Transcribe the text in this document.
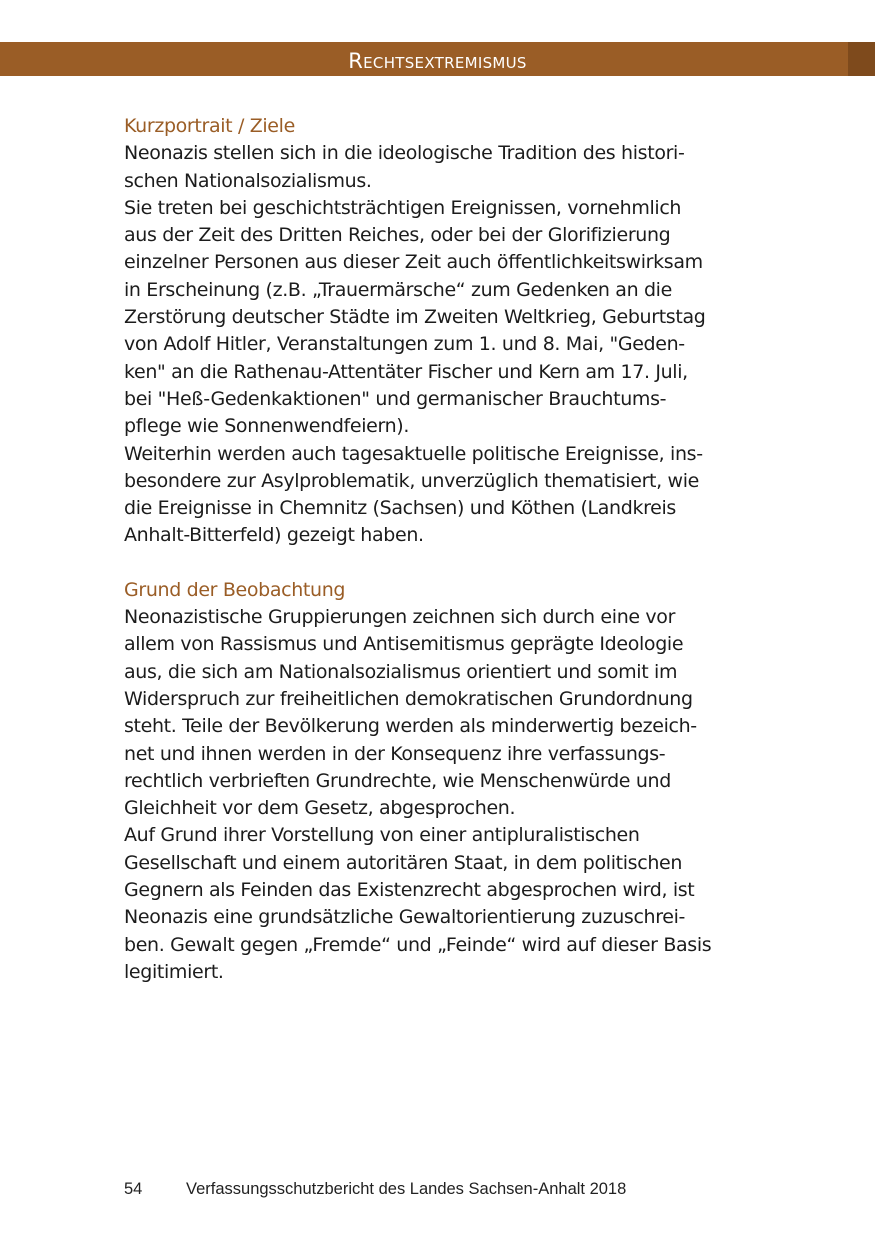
Rechtsextremismus
Kurzportrait / Ziele

Neonazis stellen sich in die ideologische Tradition des histori-
schen Nationalsozialismus.
Sie treten bei geschichtsträchtigen Ereignissen, vornehmlich
aus der Zeit des Dritten Reiches, oder bei der Glorifizierung
einzelner Personen aus dieser Zeit auch öffentlichkeitswirksam
in Erscheinung (z.B. „Trauermärsche“ zum Gedenken an die
Zerstörung deutscher Städte im Zweiten Weltkrieg, Geburtstag
von Adolf Hitler, Veranstaltungen zum 1. und 8. Mai, "Geden-
ken" an die Rathenau-Attentäter Fischer und Kern am 17. Juli,
bei "Heß-Gedenkaktionen" und germanischer Brauchtums-
pflege wie Sonnenwendfeiern).
Weiterhin werden auch tagesaktuelle politische Ereignisse, ins-
besondere zur Asylproblematik, unverzüglich thematisiert, wie
die Ereignisse in Chemnitz (Sachsen) und Köthen (Landkreis
Anhalt-Bitterfeld) gezeigt haben.

Grund der Beobachtung

Neonazistische Gruppierungen zeichnen sich durch eine vor
allem von Rassismus und Antisemitismus geprägte Ideologie
aus, die sich am Nationalsozialismus orientiert und somit im
Widerspruch zur freiheitlichen demokratischen Grundordnung
steht. Teile der Bevölkerung werden als minderwertig bezeich-
net und ihnen werden in der Konsequenz ihre verfassungs-
rechtlich verbrieften Grundrechte, wie Menschenwürde und
Gleichheit vor dem Gesetz, abgesprochen.
Auf Grund ihrer Vorstellung von einer antipluralistischen
Gesellschaft und einem autoritären Staat, in dem politischen
Gegnern als Feinden das Existenzrecht abgesprochen wird, ist
Neonazis eine grundsätzliche Gewaltorientierung zuzuschrei-
ben. Gewalt gegen „Fremde“ und „Feinde“ wird auf dieser Basis
legitimiert.

54	Verfassungsschutzbericht des Landes Sachsen-Anhalt 2018
